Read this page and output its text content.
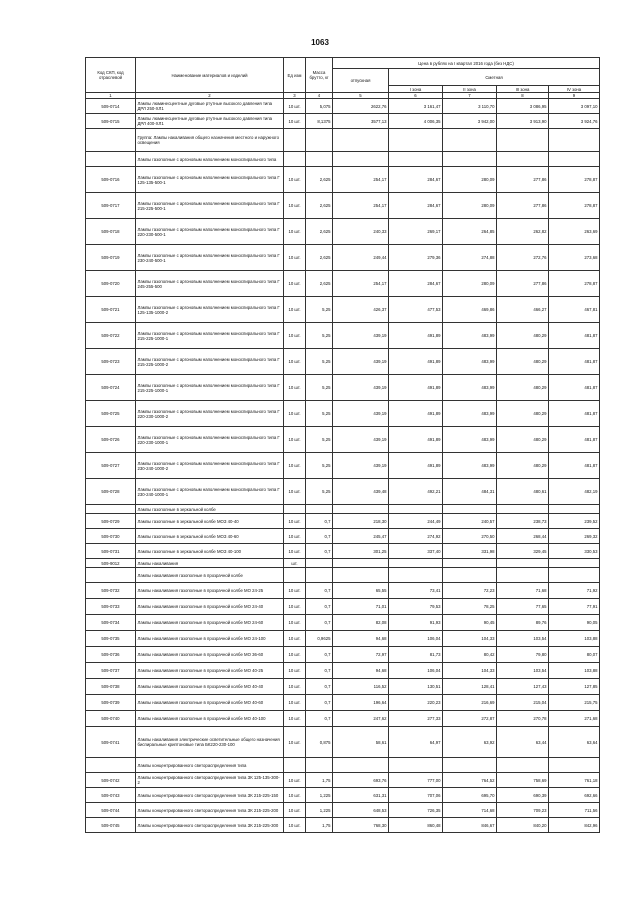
1063
Код СКП, код отраслевой	Наименование материалов и изделий	Ед изм	Масса брутто, кг	Цена в рублях на I квартал 2016 года (без НДС)				
				отпускная	Сметная			
					I зона	II зона	III зона	IV зона
1	2	3	4	5	6	7	8	9
509-0714	Лампы люминесцентные дуговые ртутные высокого давления типа ДРЛ 250-ХЛ1	10 шт.	5,075	2622,76	3 161,47	3 110,70	3 086,95	3 097,10
509-0715	Лампы люминесцентные дуговые ртутные высокого давления типа ДРЛ 400-ХЛ1	10 шт.	8,1375	3577,13	4 006,35	3 942,00	3 913,90	3 924,76
	Группа: Лампы накаливания общего назначения местного и наружного освещения							
	Лампы газополные с аргоновым наполнением моноспирального типа							
509-0716	Лампы газополные с аргоновым наполнением моноспирального типа Г 125-135-500-1	10 шт.	2,625	254,17	284,67	280,09	277,86	278,87
509-0717	Лампы газополные с аргоновым наполнением моноспирального типа Г 215-225-500-1	10 шт.	2,625	254,17	284,67	280,09	277,86	278,87
509-0718	Лампы газополные с аргоновым наполнением моноспирального типа Г 220-230-500-1	10 шт.	2,625	240,33	269,17	264,85	262,82	263,69
509-0719	Лампы газополные с аргоновым наполнением моноспирального типа Г 230-240-500-1	10 шт.	2,625	249,44	279,36	274,88	272,76	273,68
509-0720	Лампы газополные с аргоновым наполнением моноспирального типа Г 245-255-500	10 шт.	2,625	254,17	284,67	280,09	277,86	278,87
509-0721	Лампы газополные с аргоновым наполнением моноспирального типа Г 125-135-1000-2	10 шт.	5,25	426,37	477,53	469,86	466,27	467,81
509-0722	Лампы газополные с аргоновым наполнением моноспирального типа Г 215-225-1000-1	10 шт.	5,25	439,19	491,89	483,99	480,29	481,87
509-0723	Лампы газополные с аргоновым наполнением моноспирального типа Г 215-225-1000-2	10 шт.	5,25	439,19	491,89	483,99	480,29	481,87
509-0724	Лампы газополные с аргоновым наполнением моноспирального типа Г 215-225-1000-1	10 шт.	5,25	439,19	491,89	483,99	480,29	481,87
509-0725	Лампы газополные с аргоновым наполнением моноспирального типа Г 220-230-1000-2	10 шт.	5,25	439,19	491,89	483,99	480,29	481,87
509-0726	Лампы газополные с аргоновым наполнением моноспирального типа Г 220-230-1000-1	10 шт.	5,25	439,19	491,89	483,99	480,29	481,87
509-0727	Лампы газополные с аргоновым наполнением моноспирального типа Г 230-240-1000-2	10 шт.	5,25	439,19	491,89	483,99	480,29	481,87
509-0728	Лампы газополные с аргоновым наполнением моноспирального типа Г 230-240-1000-1	10 шт.	5,25	439,48	492,21	484,31	480,61	482,19
	Лампы газополные в зеркальной колбе							
509-0729	Лампы газополные в зеркальной колбе МОЗ 40-40	10 шт.	0,7	218,30	244,49	240,57	238,73	239,52
509-0730	Лампы газополные в зеркальной колбе МОЗ 40-60	10 шт.	0,7	245,47	274,92	270,50	268,44	269,32
509-0731	Лампы газополные в зеркальной колбе МОЗ 40-100	10 шт.	0,7	301,25	337,40	331,98	329,45	330,53
509-9012	Лампы накаливания	шт.						
	Лампы накаливания газополные в прозрачной колбе							
509-0732	Лампы накаливания газополные в прозрачной колбе МО 24-25	10 шт.	0,7	65,55	73,41	72,23	71,68	71,92
509-0733	Лампы накаливания газополные в прозрачной колбе МО 24-40	10 шт.	0,7	71,01	79,53	78,25	77,65	77,91
509-0734	Лампы накаливания газополные в прозрачной колбе МО 24-60	10 шт.	0,7	82,08	91,93	90,45	89,76	90,05
509-0735	Лампы накаливания газополные в прозрачной колбе МО 24-100	10 шт.	0,9625	94,68	106,04	104,33	103,54	103,88
509-0736	Лампы накаливания газополные в прозрачной колбе МО 36-60	10 шт.	0,7	72,97	81,73	80,42	79,80	80,07
509-0737	Лампы накаливания газополные в прозрачной колбе МО 40-25	10 шт.	0,7	94,68	106,04	104,33	103,54	103,88
509-0738	Лампы накаливания газополные в прозрачной колбе МО 40-40	10 шт.	0,7	116,52	130,51	128,41	127,43	127,85
509-0739	Лампы накаливания газополные в прозрачной колбе МО 40-60	10 шт.	0,7	196,64	220,23	216,69	215,04	215,75
509-0740	Лампы накаливания газополные в прозрачной колбе МО 40-100	10 шт.	0,7	247,62	277,33	272,87	270,78	271,68
509-0741	Лампы накаливания электрические осветительные общего назначения биспиральные криптоновые типа БК220-230-100	10 шт.	0,875	58,61	64,97	63,92	63,44	63,64
	Лампы концентрированного светораспределения типа							
509-0742	Лампы концентрированного светораспределения типа ЗК 125-135-300-2	10 шт.	1,75	693,76	777,00	764,52	758,69	761,18
509-0743	Лампы концентрированного светораспределения типа ЗК 215-225-150	10 шт.	1,225	631,31	707,06	695,70	690,39	692,66
509-0744	Лампы концентрированного светораспределения типа ЗК 215-225-200	10 шт.	1,225	648,53	726,35	714,68	709,23	711,56
509-0745	Лампы концентрированного светораспределения типа ЗК 215-225-300	10 шт.	1,75	768,30	860,48	846,67	840,20	842,96
